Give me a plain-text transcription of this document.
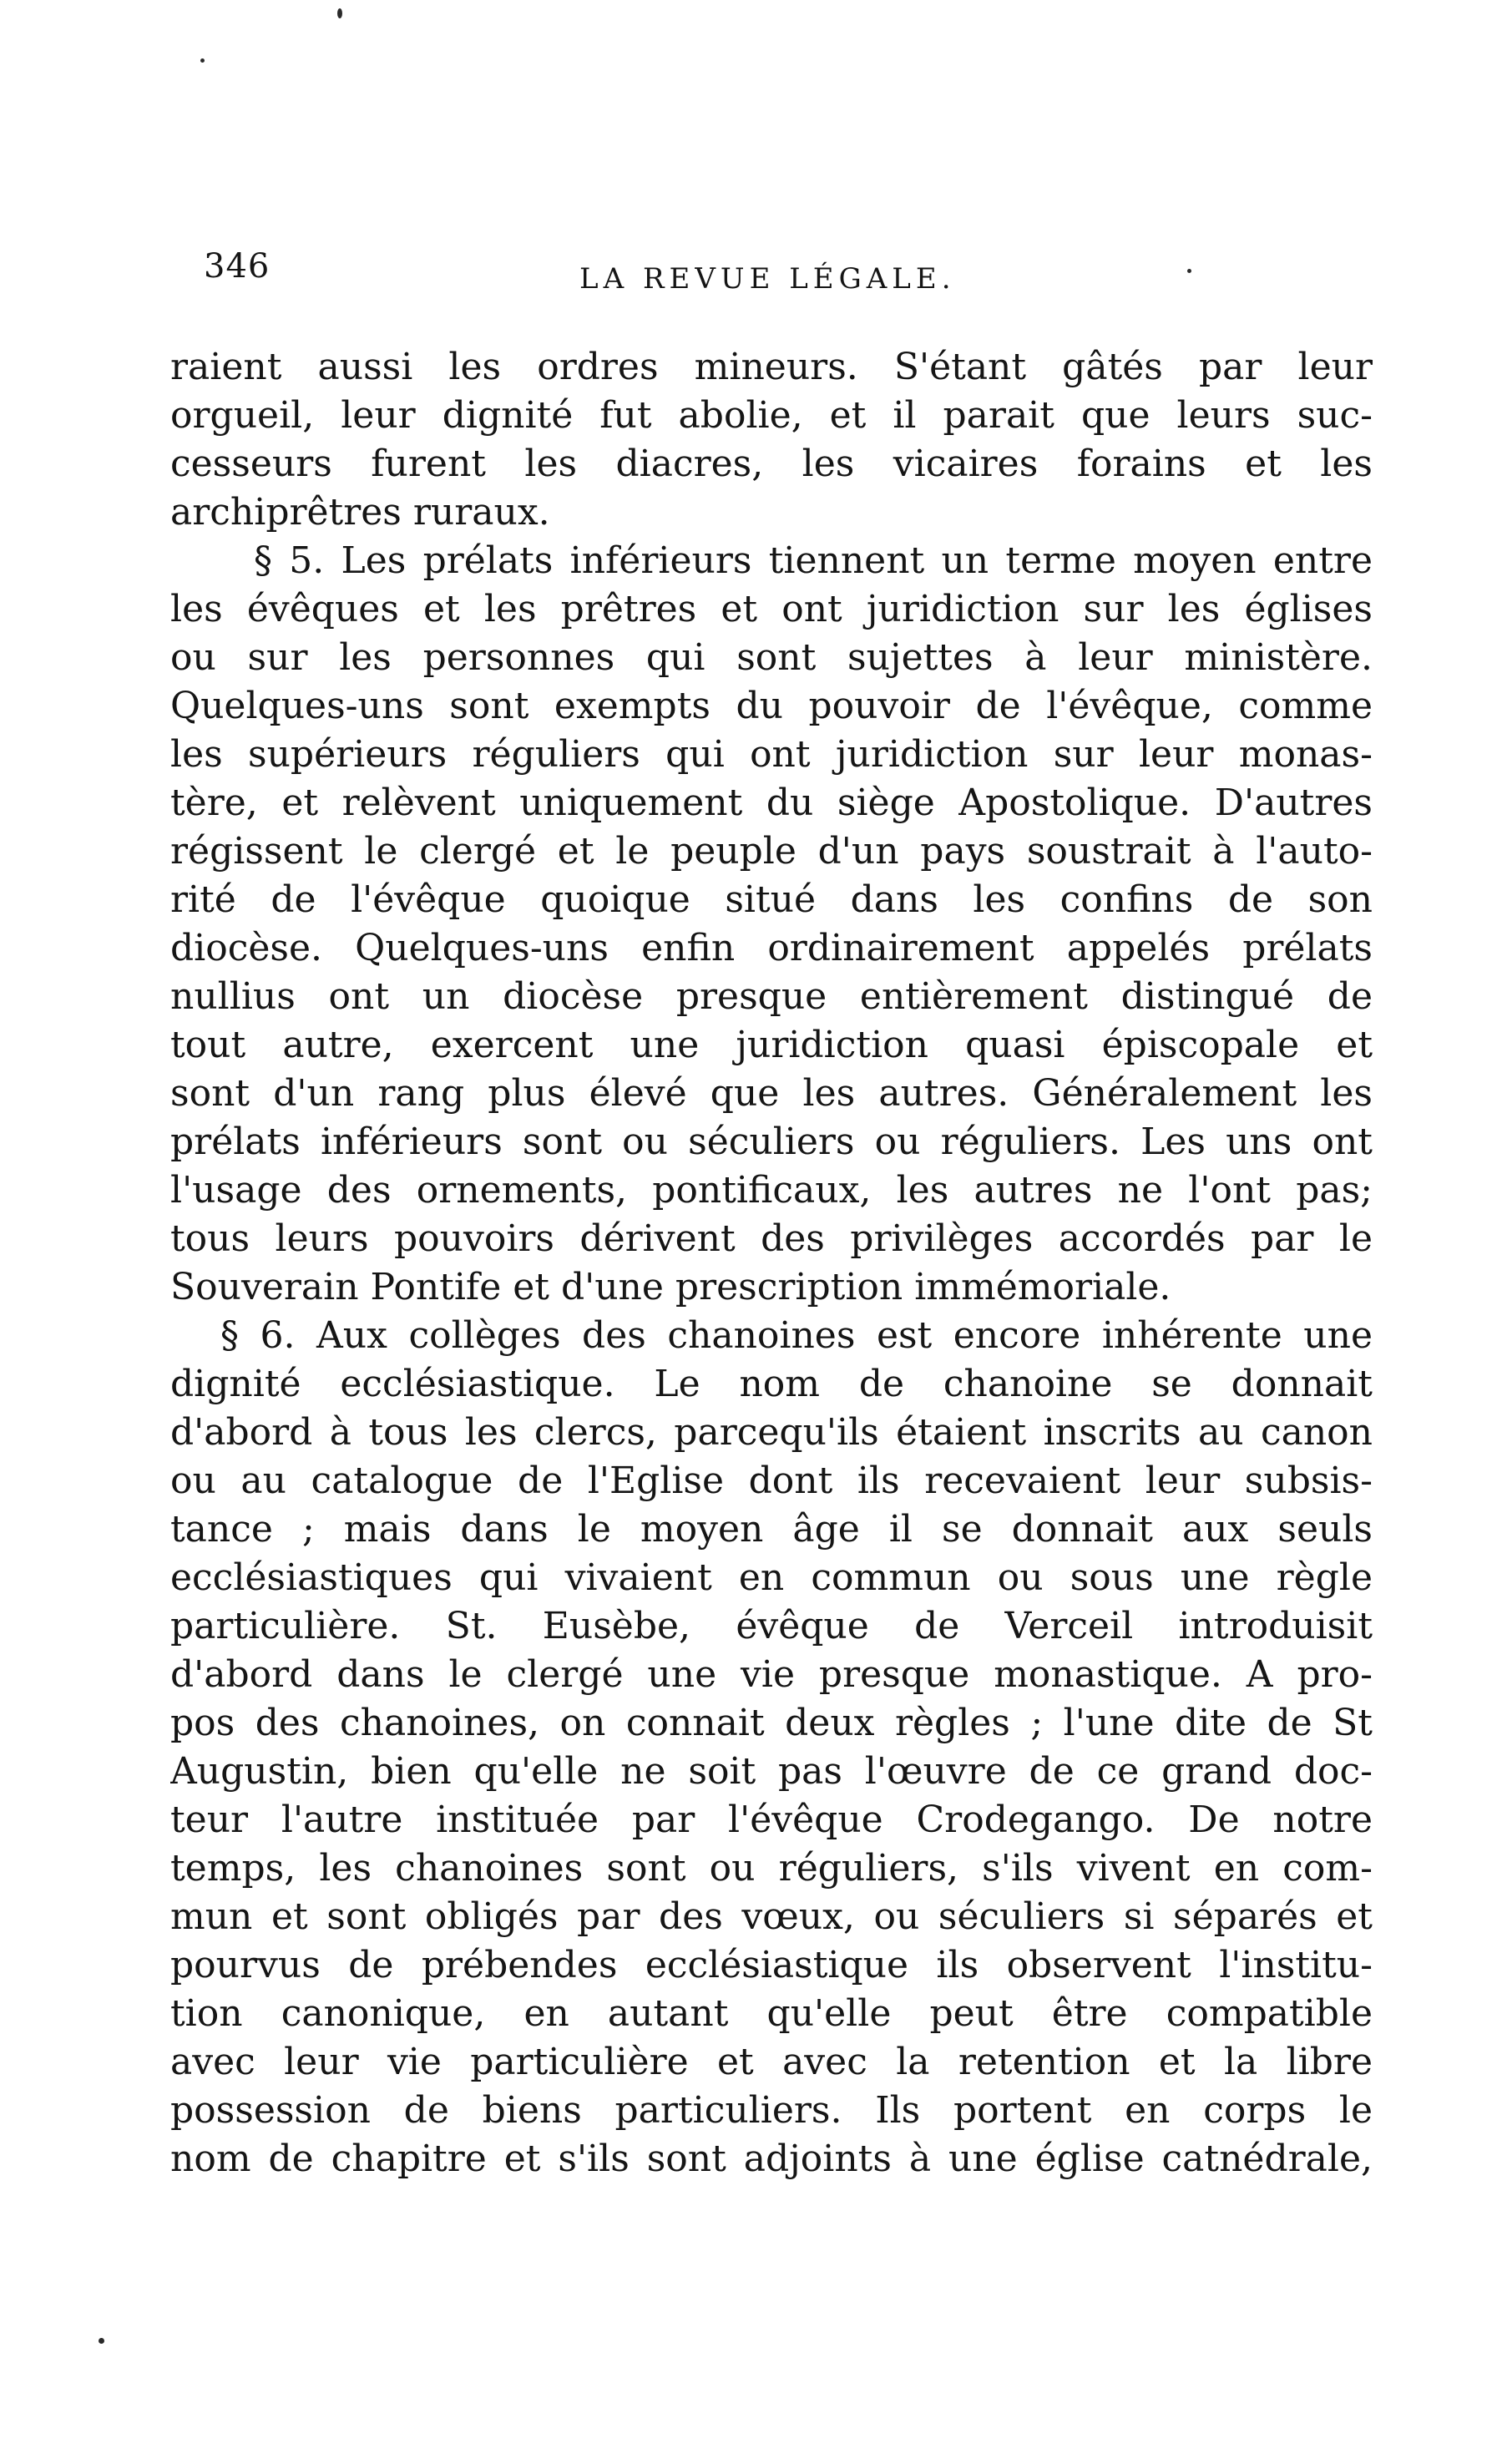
346	LA REVUE LÉGALE.
raient aussi les ordres mineurs. S'étant gâtés par leur
orgueil, leur dignité fut abolie, et il parait que leurs suc-
cesseurs furent les diacres, les vicaires forains et les
archiprêtres ruraux.
§ 5. Les prélats inférieurs tiennent un terme moyen entre
les évêques et les prêtres et ont juridiction sur les églises
ou sur les personnes qui sont sujettes à leur ministère.
Quelques-uns sont exempts du pouvoir de l'évêque, comme
les supérieurs réguliers qui ont juridiction sur leur monas-
tère, et relèvent uniquement du siège Apostolique. D'autres
régissent le clergé et le peuple d'un pays soustrait à l'auto-
rité de l'évêque quoique situé dans les confins de son
diocèse. Quelques-uns enfin ordinairement appelés prélats
nullius ont un diocèse presque entièrement distingué de
tout autre, exercent une juridiction quasi épiscopale et
sont d'un rang plus élevé que les autres. Généralement les
prélats inférieurs sont ou séculiers ou réguliers. Les uns ont
l'usage des ornements, pontificaux, les autres ne l'ont pas;
tous leurs pouvoirs dérivent des privilèges accordés par le
Souverain Pontife et d'une prescription immémoriale.
§ 6. Aux collèges des chanoines est encore inhérente une
dignité ecclésiastique. Le nom de chanoine se donnait
d'abord à tous les clercs, parcequ'ils étaient inscrits au canon
ou au catalogue de l'Eglise dont ils recevaient leur subsis-
tance ; mais dans le moyen âge il se donnait aux seuls
ecclésiastiques qui vivaient en commun ou sous une règle
particulière. St. Eusèbe, évêque de Verceil introduisit
d'abord dans le clergé une vie presque monastique. A pro-
pos des chanoines, on connait deux règles ; l'une dite de St
Augustin, bien qu'elle ne soit pas l'œuvre de ce grand doc-
teur l'autre instituée par l'évêque Crodegango. De notre
temps, les chanoines sont ou réguliers, s'ils vivent en com-
mun et sont obligés par des vœux, ou séculiers si séparés et
pourvus de prébendes ecclésiastique ils observent l'institu-
tion canonique, en autant qu'elle peut être compatible
avec leur vie particulière et avec la retention et la libre
possession de biens particuliers. Ils portent en corps le
nom de chapitre et s'ils sont adjoints à une église catnédrale,
